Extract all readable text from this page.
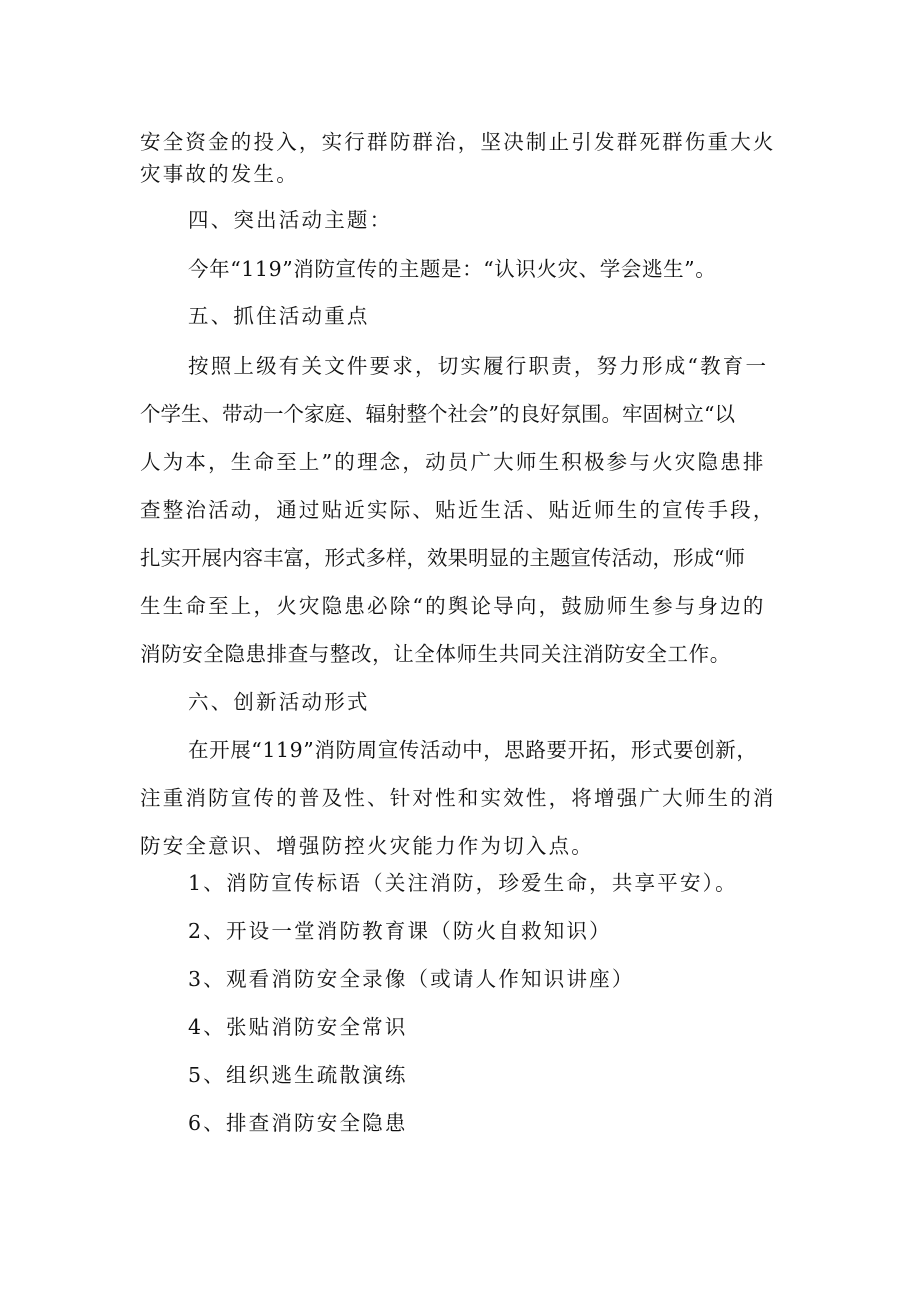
安全资金的投入，实行群防群治，坚决制止引发群死群伤重大火
灾事故的发生。
四、突出活动主题：
今年“119”消防宣传的主题是：“认识火灾、学会逃生”。
五、抓住活动重点
按照上级有关文件要求，切实履行职责，努力形成“教育一
个学生、带动一个家庭、辐射整个社会”的良好氛围。牢固树立“以
人为本，生命至上”的理念，动员广大师生积极参与火灾隐患排
查整治活动，通过贴近实际、贴近生活、贴近师生的宣传手段，
扎实开展内容丰富，形式多样，效果明显的主题宣传活动，形成“师
生生命至上，火灾隐患必除“的舆论导向，鼓励师生参与身边的
消防安全隐患排查与整改，让全体师生共同关注消防安全工作。
六、创新活动形式
在开展“119”消防周宣传活动中，思路要开拓，形式要创新，
注重消防宣传的普及性、针对性和实效性，将增强广大师生的消
防安全意识、增强防控火灾能力作为切入点。
1、消防宣传标语（关注消防，珍爱生命，共享平安）。
2、开设一堂消防教育课（防火自救知识）
3、观看消防安全录像（或请人作知识讲座）
4、张贴消防安全常识
5、组织逃生疏散演练
6、排查消防安全隐患
